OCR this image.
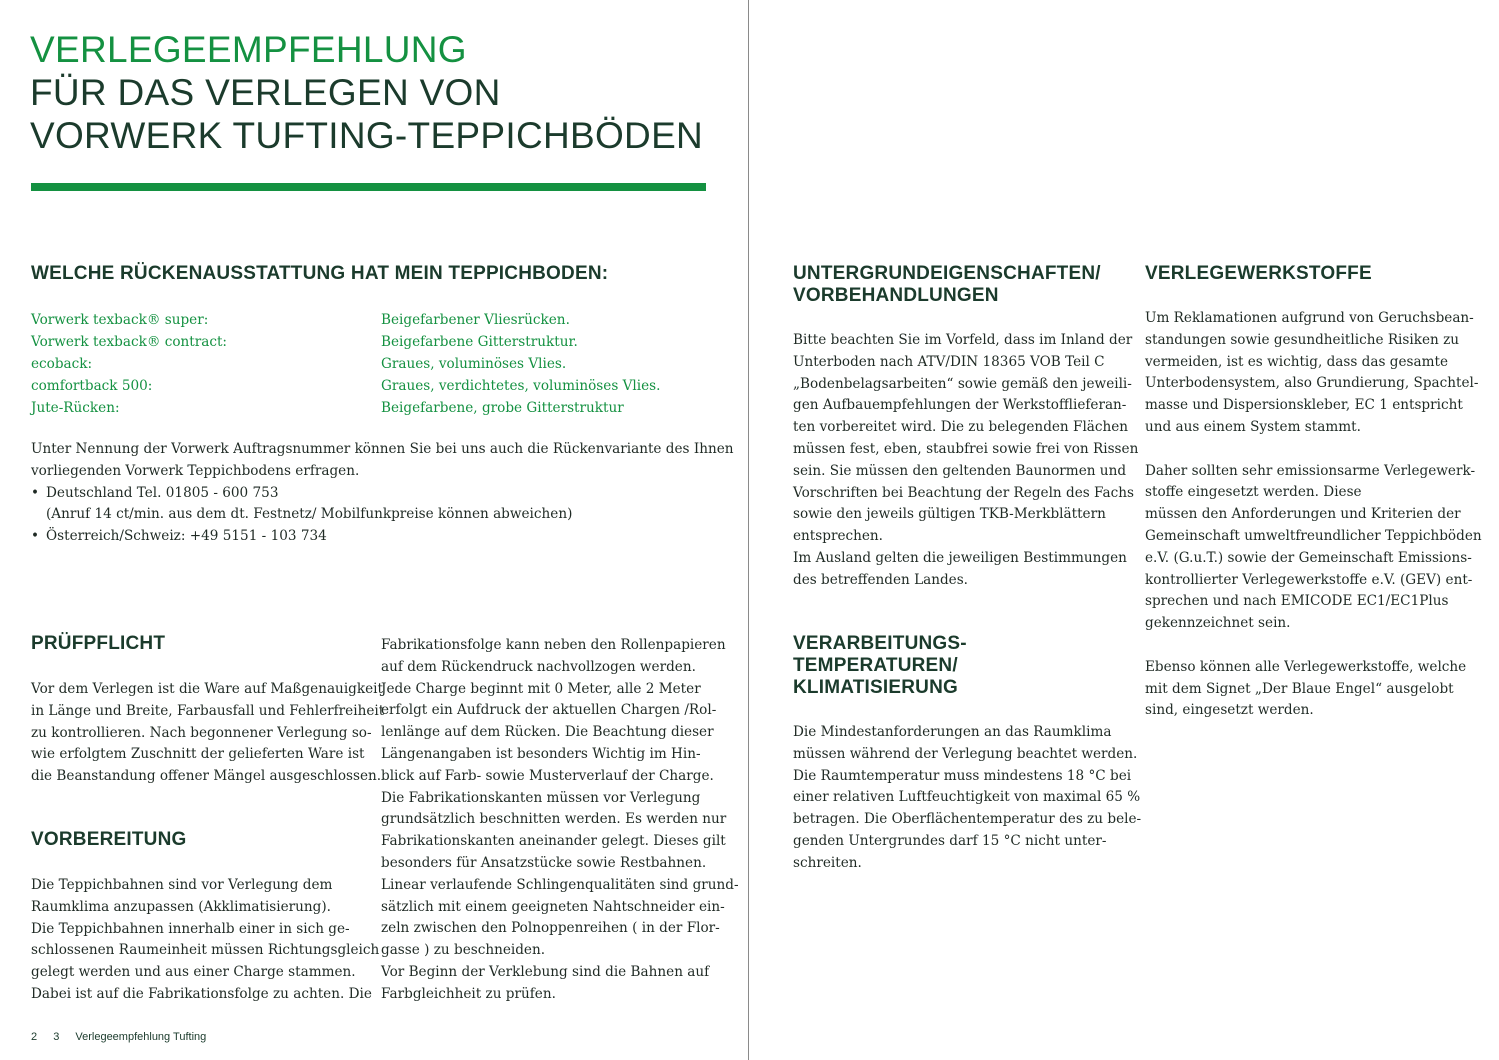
VERLEGEEMPFEHLUNG
FÜR DAS VERLEGEN VON
VORWERK TUFTING-TEPPICHBÖDEN
WELCHE RÜCKENAUSSTATTUNG HAT MEIN TEPPICHBODEN:
Vorwerk texback® super:	Beigefarbener Vliesrücken.
Vorwerk texback® contract:	Beigefarbene Gitterstruktur.
ecoback:	Graues, voluminöses Vlies.
comfortback 500:	Graues, verdichtetes, voluminöses Vlies.
Jute-Rücken:	Beigefarbene, grobe Gitterstruktur
Unter Nennung der Vorwerk Auftragsnummer können Sie bei uns auch die Rückenvariante des Ihnen
vorliegenden Vorwerk Teppichbodens erfragen.
• Deutschland Tel. 01805 - 600 753
(Anruf 14 ct/min. aus dem dt. Festnetz/ Mobilfunkpreise können abweichen)
• Österreich/Schweiz: +49 5151 - 103 734
PRÜFPFLICHT
Vor dem Verlegen ist die Ware auf Maßgenauigkeit
in Länge und Breite, Farbausfall und Fehlerfreiheit
zu kontrollieren. Nach begonnener Verlegung so-
wie erfolgtem Zuschnitt der gelieferten Ware ist
die Beanstandung offener Mängel ausgeschlossen.
VORBEREITUNG
Die Teppichbahnen sind vor Verlegung dem
Raumklima anzupassen (Akklimatisierung).
Die Teppichbahnen innerhalb einer in sich ge-
schlossenen Raumeinheit müssen Richtungsgleich
gelegt werden und aus einer Charge stammen.
Dabei ist auf die Fabrikationsfolge zu achten. Die
Fabrikationsfolge kann neben den Rollenpapieren
auf dem Rückendruck nachvollzogen werden.
Jede Charge beginnt mit 0 Meter, alle 2 Meter
erfolgt ein Aufdruck der aktuellen Chargen /Rol-
lenlänge auf dem Rücken. Die Beachtung dieser
Längenangaben ist besonders Wichtig im Hin-
blick auf Farb- sowie Musterverlauf der Charge.
Die Fabrikationskanten müssen vor Verlegung
grundsätzlich beschnitten werden. Es werden nur
Fabrikationskanten aneinander gelegt. Dieses gilt
besonders für Ansatzstücke sowie Restbahnen.
Linear verlaufende Schlingenqualitäten sind grund-
sätzlich mit einem geeigneten Nahtschneider ein-
zeln zwischen den Polnoppenreihen ( in der Flor-
gasse ) zu beschneiden.
Vor Beginn der Verklebung sind die Bahnen auf
Farbgleichheit zu prüfen.
UNTERGRUNDEIGENSCHAFTEN/
VORBEHANDLUNGEN
Bitte beachten Sie im Vorfeld, dass im Inland der
Unterboden nach ATV/DIN 18365 VOB Teil C
„Bodenbelagsarbeiten“ sowie gemäß den jeweili-
gen Aufbauempfehlungen der Werkstofflieferan-
ten vorbereitet wird. Die zu belegenden Flächen
müssen fest, eben, staubfrei sowie frei von Rissen
sein. Sie müssen den geltenden Baunormen und
Vorschriften bei Beachtung der Regeln des Fachs
sowie den jeweils gültigen TKB-Merkblättern
entsprechen.
Im Ausland gelten die jeweiligen Bestimmungen
des betreffenden Landes.
VERARBEITUNGS-
TEMPERATUREN/
KLIMATISIERUNG
Die Mindestanforderungen an das Raumklima
müssen während der Verlegung beachtet werden.
Die Raumtemperatur muss mindestens 18 °C bei
einer relativen Luftfeuchtigkeit von maximal 65 %
betragen. Die Oberflächentemperatur des zu bele-
genden Untergrundes darf 15 °C nicht unter-
schreiten.
VERLEGEWERKSTOFFE

Um Reklamationen aufgrund von Geruchsbean-
standungen sowie gesundheitliche Risiken zu
vermeiden, ist es wichtig, dass das gesamte
Unterbodensystem, also Grundierung, Spachtel-
masse und Dispersionskleber, EC 1 entspricht
und aus einem System stammt.

Daher sollten sehr emissionsarme Verlegewerk-
stoffe eingesetzt werden. Diese
müssen den Anforderungen und Kriterien der
Gemeinschaft umweltfreundlicher Teppichböden
e.V. (G.u.T.) sowie der Gemeinschaft Emissions-
kontrollierter Verlegewerkstoffe e.V. (GEV) ent-
sprechen und nach EMICODE EC1/EC1Plus
gekennzeichnet sein.

Ebenso können alle Verlegewerkstoffe, welche
mit dem Signet „Der Blaue Engel“ ausgelobt
sind, eingesetzt werden.

2 3 Verlegeempfehlung Tufting
